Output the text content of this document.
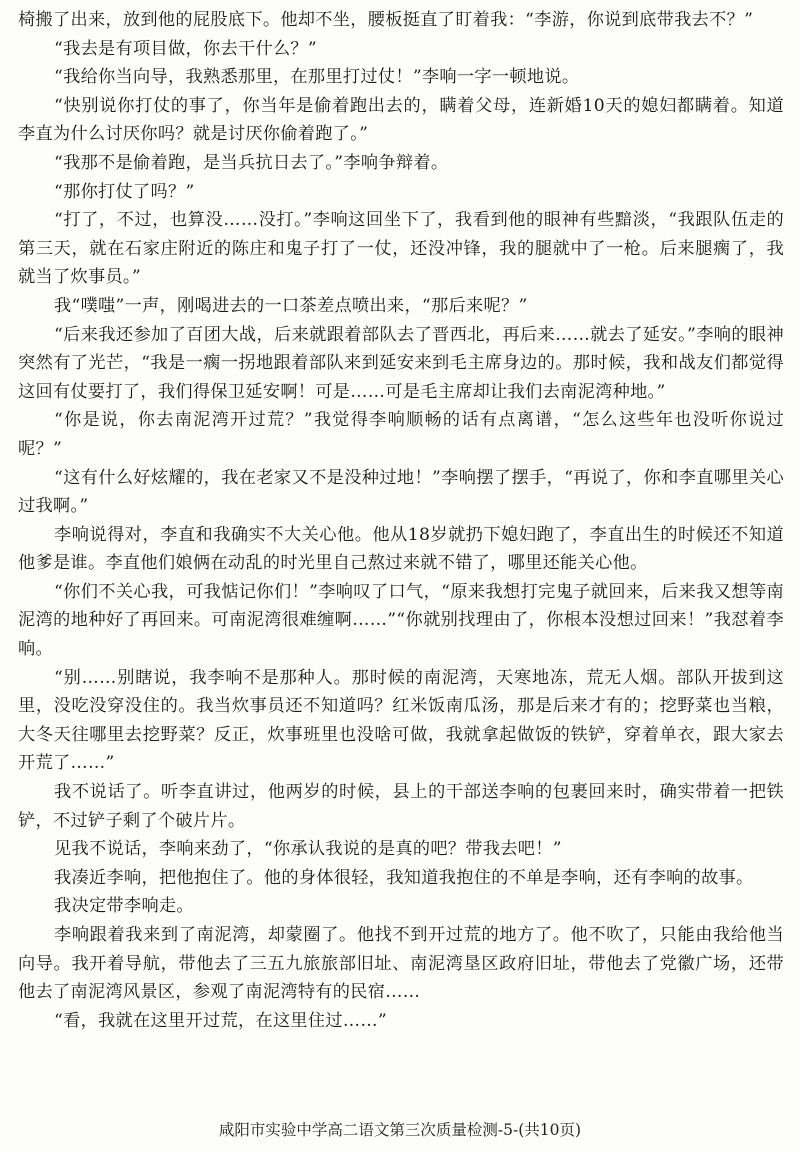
椅搬了出来，放到他的屁股底下。他却不坐，腰板挺直了盯着我：“李游，你说到底带我去不？”

“我去是有项目做，你去干什么？”

“我给你当向导，我熟悉那里，在那里打过仗！”李响一字一顿地说。

“快别说你打仗的事了，你当年是偷着跑出去的，瞒着父母，连新婚10天的媳妇都瞒着。知道李直为什么讨厌你吗？就是讨厌你偷着跑了。”

“我那不是偷着跑，是当兵抗日去了。”李响争辩着。

“那你打仗了吗？”

“打了，不过，也算没……没打。”李响这回坐下了，我看到他的眼神有些黯淡，“我跟队伍走的第三天，就在石家庄附近的陈庄和鬼子打了一仗，还没冲锋，我的腿就中了一枪。后来腿瘸了，我就当了炊事员。”

我“噗嗤”一声，刚喝进去的一口茶差点喷出来，“那后来呢？”

“后来我还参加了百团大战，后来就跟着部队去了晋西北，再后来……就去了延安。”李响的眼神突然有了光芒，“我是一瘸一拐地跟着部队来到延安来到毛主席身边的。那时候，我和战友们都觉得这回有仗要打了，我们得保卫延安啊！可是……可是毛主席却让我们去南泥湾种地。”

“你是说，你去南泥湾开过荒？”我觉得李响顺畅的话有点离谱，“怎么这些年也没听你说过呢？”

“这有什么好炫耀的，我在老家又不是没种过地！”李响摆了摆手，“再说了，你和李直哪里关心过我啊。”

李响说得对，李直和我确实不大关心他。他从18岁就扔下媳妇跑了，李直出生的时候还不知道他爹是谁。李直他们娘俩在动乱的时光里自己熬过来就不错了，哪里还能关心他。

“你们不关心我，可我惦记你们！”李响叹了口气，“原来我想打完鬼子就回来，后来我又想等南泥湾的地种好了再回来。可南泥湾很难缠啊……”“你就别找理由了，你根本没想过回来！”我怼着李响。

“别……别瞎说，我李响不是那种人。那时候的南泥湾，天寒地冻，荒无人烟。部队开拔到这里，没吃没穿没住的。我当炊事员还不知道吗？红米饭南瓜汤，那是后来才有的；挖野菜也当粮，大冬天往哪里去挖野菜？反正，炊事班里也没啥可做，我就拿起做饭的铁铲，穿着单衣，跟大家去开荒了……”

我不说话了。听李直讲过，他两岁的时候，县上的干部送李响的包裹回来时，确实带着一把铁铲，不过铲子剩了个破片片。

见我不说话，李响来劲了，“你承认我说的是真的吧？带我去吧！”

我凑近李响，把他抱住了。他的身体很轻，我知道我抱住的不单是李响，还有李响的故事。

我决定带李响走。

李响跟着我来到了南泥湾，却蒙圈了。他找不到开过荒的地方了。他不吹了，只能由我给他当向导。我开着导航，带他去了三五九旅旅部旧址、南泥湾垦区政府旧址，带他去了党徽广场，还带他去了南泥湾风景区，参观了南泥湾特有的民宿……

“看，我就在这里开过荒，在这里住过……”

咸阳市实验中学高二语文第三次质量检测-5-(共10页)
